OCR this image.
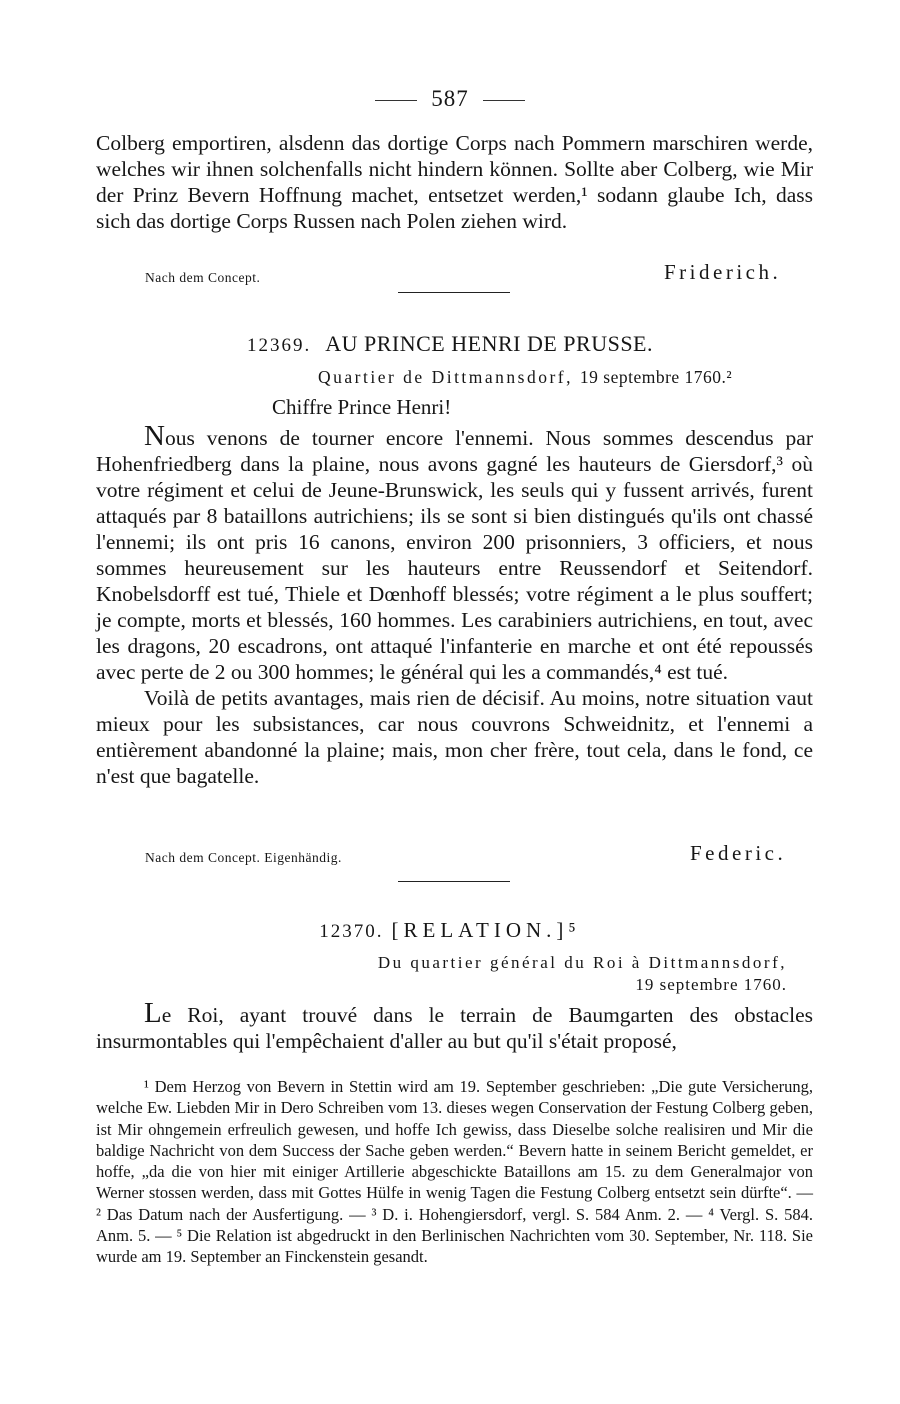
587

Colberg emportiren, alsdenn das dortige Corps nach Pommern marschiren werde, welches wir ihnen solchenfalls nicht hindern können. Sollte aber Colberg, wie Mir der Prinz Bevern Hoffnung machet, entsetzet werden,¹ sodann glaube Ich, dass sich das dortige Corps Russen nach Polen ziehen wird.

Nach dem Concept.	Friderich.
12369. AU PRINCE HENRI DE PRUSSE.
Quartier de Dittmannsdorf, 19 septembre 1760.²
Chiffre Prince Henri!

Nous venons de tourner encore l'ennemi. Nous sommes descendus par Hohenfriedberg dans la plaine, nous avons gagné les hauteurs de Giersdorf,³ où votre régiment et celui de Jeune-Brunswick, les seuls qui y fussent arrivés, furent attaqués par 8 bataillons autrichiens; ils se sont si bien distingués qu'ils ont chassé l'ennemi; ils ont pris 16 canons, environ 200 prisonniers, 3 officiers, et nous sommes heureusement sur les hauteurs entre Reussendorf et Seitendorf. Knobelsdorff est tué, Thiele et Dœnhoff blessés; votre régiment a le plus souffert; je compte, morts et blessés, 160 hommes. Les carabiniers autrichiens, en tout, avec les dragons, 20 escadrons, ont attaqué l'infanterie en marche et ont été repoussés avec perte de 2 ou 300 hommes; le général qui les a commandés,⁴ est tué.

Voilà de petits avantages, mais rien de décisif. Au moins, notre situation vaut mieux pour les subsistances, car nous couvrons Schweidnitz, et l'ennemi a entièrement abandonné la plaine; mais, mon cher frère, tout cela, dans le fond, ce n'est que bagatelle.

Nach dem Concept. Eigenhändig.	Federic.
12370. [RELATION.]⁵
Du quartier général du Roi à Dittmannsdorf,
19 septembre 1760.

Le Roi, ayant trouvé dans le terrain de Baumgarten des obstacles insurmontables qui l'empêchaient d'aller au but qu'il s'était proposé,

¹ Dem Herzog von Bevern in Stettin wird am 19. September geschrieben: „Die gute Versicherung, welche Ew. Liebden Mir in Dero Schreiben vom 13. dieses wegen Conservation der Festung Colberg geben, ist Mir ohngemein erfreulich gewesen, und hoffe Ich gewiss, dass Dieselbe solche realisiren und Mir die baldige Nachricht von dem Success der Sache geben werden.“ Bevern hatte in seinem Bericht gemeldet, er hoffe, „da die von hier mit einiger Artillerie abgeschickte Bataillons am 15. zu dem Generalmajor von Werner stossen werden, dass mit Gottes Hülfe in wenig Tagen die Festung Colberg entsetzt sein dürfte“. — ² Das Datum nach der Ausfertigung. — ³ D. i. Hohengiersdorf, vergl. S. 584 Anm. 2. — ⁴ Vergl. S. 584. Anm. 5. — ⁵ Die Relation ist abgedruckt in den Berlinischen Nachrichten vom 30. September, Nr. 118. Sie wurde am 19. September an Finckenstein gesandt.
